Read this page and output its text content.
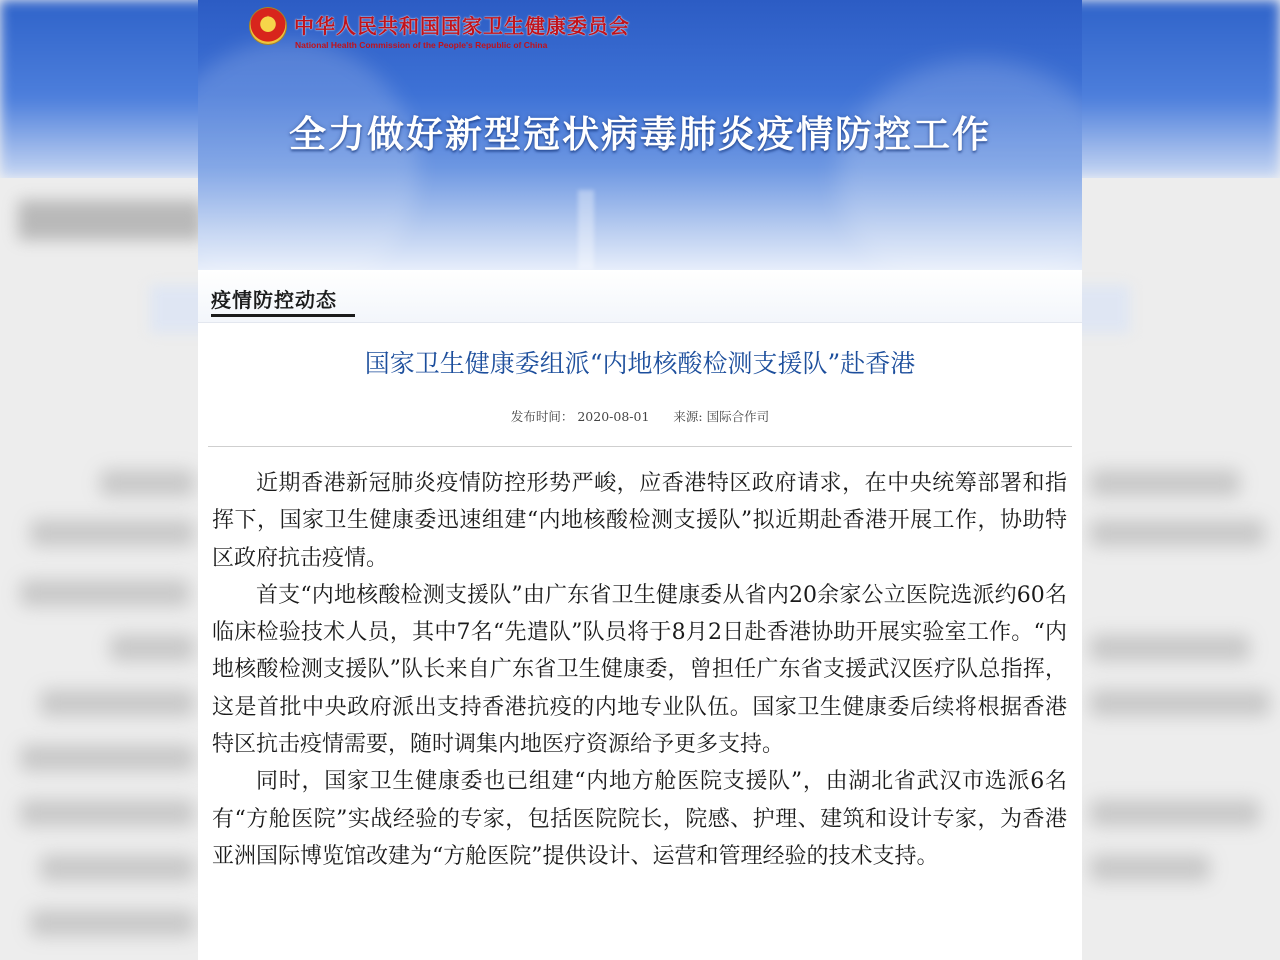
★
中华人民共和国国家卫生健康委员会
National Health Commission of the People's Republic of China
全力做好新型冠状病毒肺炎疫情防控工作
疫情防控动态
国家卫生健康委组派“内地核酸检测支援队”赴香港
发布时间： 2020-08-01 来源: 国际合作司

近期香港新冠肺炎疫情防控形势严峻，应香港特区政府请求，在中央统筹部署和指挥下，国家卫生健康委迅速组建“内地核酸检测支援队”拟近期赴香港开展工作，协助特区政府抗击疫情。

首支“内地核酸检测支援队”由广东省卫生健康委从省内20余家公立医院选派约60名临床检验技术人员，其中7名“先遣队”队员将于8月2日赴香港协助开展实验室工作。“内地核酸检测支援队”队长来自广东省卫生健康委，曾担任广东省支援武汉医疗队总指挥，这是首批中央政府派出支持香港抗疫的内地专业队伍。国家卫生健康委后续将根据香港特区抗击疫情需要，随时调集内地医疗资源给予更多支持。

同时，国家卫生健康委也已组建“内地方舱医院支援队”，由湖北省武汉市选派6名有“方舱医院”实战经验的专家，包括医院院长，院感、护理、建筑和设计专家，为香港亚洲国际博览馆改建为“方舱医院”提供设计、运营和管理经验的技术支持。
